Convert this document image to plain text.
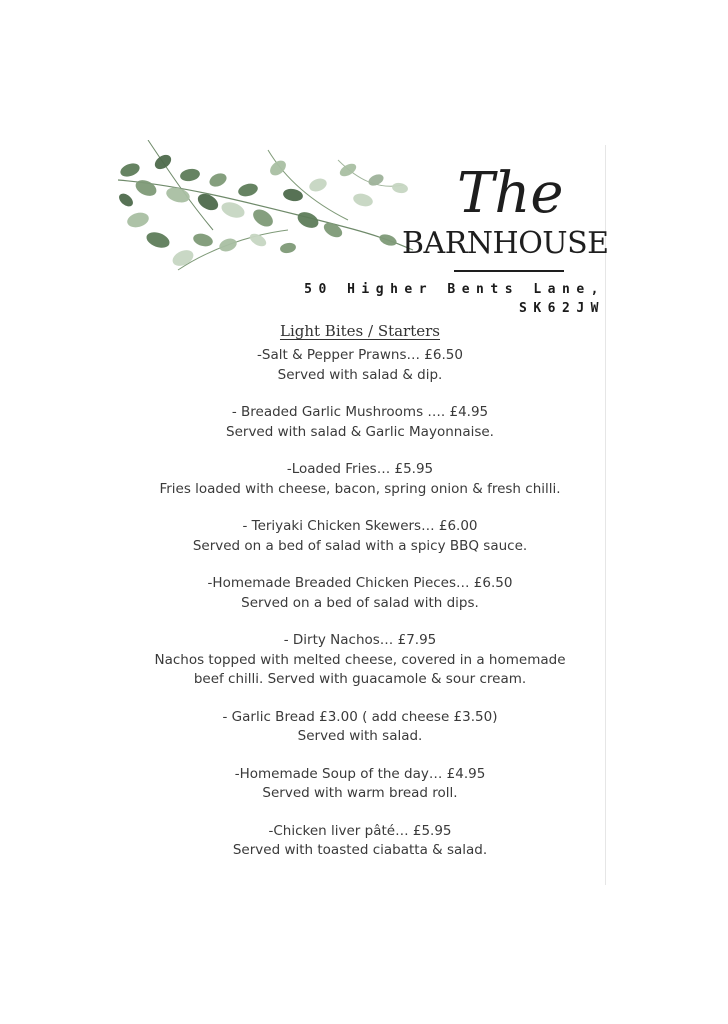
The
BARNHOUSE
50 Higher Bents Lane,
SK62JW
Light Bites / Starters
-Salt & Pepper Prawns… £6.50
Served with salad & dip.
- Breaded Garlic Mushrooms …. £4.95
Served with salad & Garlic Mayonnaise.
-Loaded Fries… £5.95
Fries loaded with cheese, bacon, spring onion & fresh chilli.
- Teriyaki Chicken Skewers… £6.00
Served on a bed of salad with a spicy BBQ sauce.
-Homemade Breaded Chicken Pieces… £6.50
Served on a bed of salad with dips.
- Dirty Nachos… £7.95
Nachos topped with melted cheese, covered in a homemade
beef chilli. Served with guacamole & sour cream.
- Garlic Bread £3.00 ( add cheese £3.50)
Served with salad.
-Homemade Soup of the day… £4.95
Served with warm bread roll.
-Chicken liver pâté… £5.95
Served with toasted ciabatta & salad.
